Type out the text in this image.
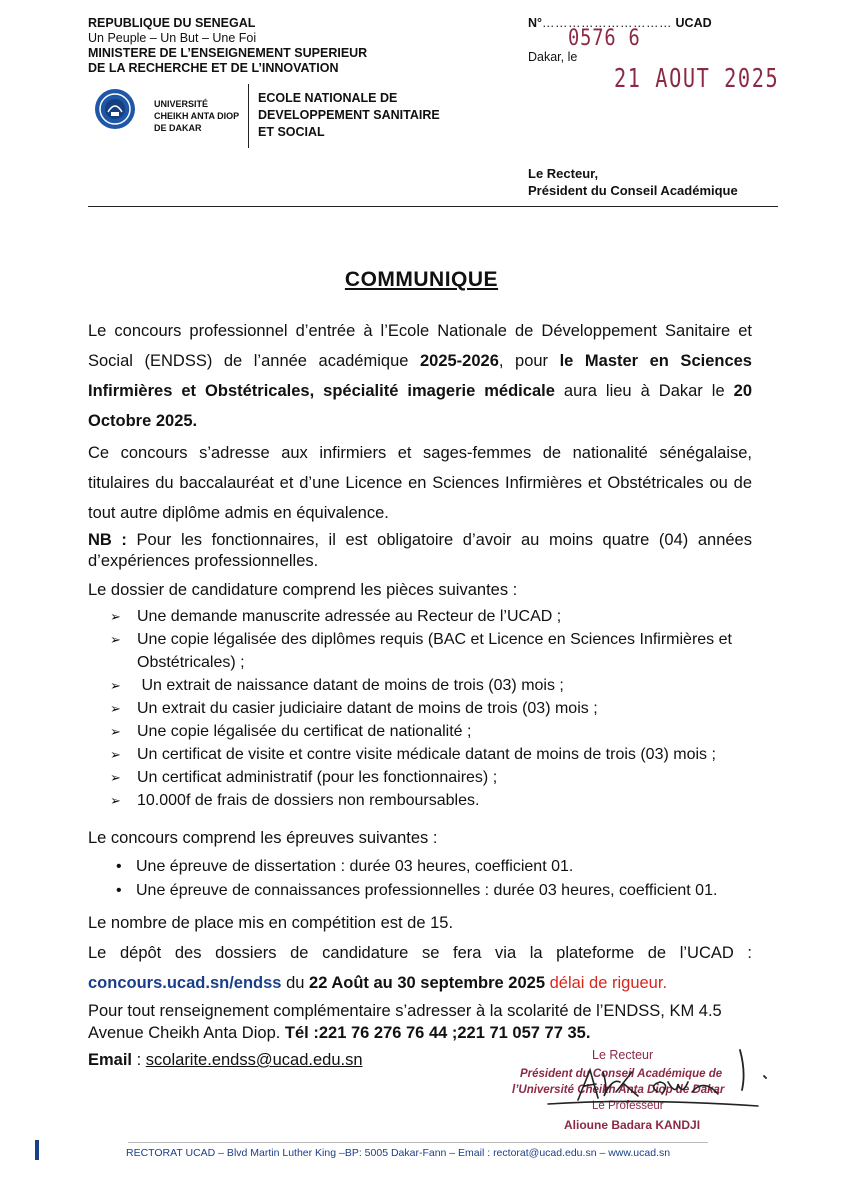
REPUBLIQUE DU SENEGAL
Un Peuple – Un But – Une Foi
MINISTERE DE L’ENSEIGNEMENT SUPERIEUR
DE LA RECHERCHE ET DE L’INNOVATION
UNIVERSITÉ
CHEIKH ANTA DIOP
DE DAKAR
ECOLE NATIONALE DE
DEVELOPPEMENT SANITAIRE
ET SOCIAL
N°………………………… UCAD
0576 6
Dakar, le
21 AOUT 2025
Le Recteur,
Président du Conseil Académique
COMMUNIQUE
Le concours professionnel d’entrée à l’Ecole Nationale de Développement Sanitaire et Social (ENDSS) de l’année académique 2025-2026, pour le Master en Sciences Infirmières et Obstétricales, spécialité imagerie médicale aura lieu à Dakar le 20 Octobre 2025.
Ce concours s’adresse aux infirmiers et sages-femmes de nationalité sénégalaise, titulaires du baccalauréat et d’une Licence en Sciences Infirmières et Obstétricales ou de tout autre diplôme admis en équivalence.
NB : Pour les fonctionnaires, il est obligatoire d’avoir au moins quatre (04) années d’expériences professionnelles.
Le dossier de candidature comprend les pièces suivantes :
➢ Une demande manuscrite adressée au Recteur de l’UCAD ;
➢ Une copie légalisée des diplômes requis (BAC et Licence en Sciences Infirmières et Obstétricales) ;
➢ Un extrait de naissance datant de moins de trois (03) mois ;
➢ Un extrait du casier judiciaire datant de moins de trois (03) mois ;
➢ Une copie légalisée du certificat de nationalité ;
➢ Un certificat de visite et contre visite médicale datant de moins de trois (03) mois ;
➢ Un certificat administratif (pour les fonctionnaires) ;
➢ 10.000f de frais de dossiers non remboursables.
Le concours comprend les épreuves suivantes :
• Une épreuve de dissertation : durée 03 heures, coefficient 01.
• Une épreuve de connaissances professionnelles : durée 03 heures, coefficient 01.
Le nombre de place mis en compétition est de 15.
Le dépôt des dossiers de candidature se fera via la plateforme de l’UCAD :
concours.ucad.sn/endss du 22 Août au 30 septembre 2025 délai de rigueur.
Pour tout renseignement complémentaire s’adresser à la scolarité de l’ENDSS, KM 4.5 Avenue Cheikh Anta Diop. Tél :221 76 276 76 44 ;221 71 057 77 35.
Email : scolarite.endss@ucad.edu.sn	Le Recteur
Président du Conseil Académique de
l’Université Cheikh Anta Diop de Dakar
Le Professeur
Alioune Badara KANDJI
RECTORAT UCAD – Blvd Martin Luther King –BP: 5005 Dakar-Fann – Email : rectorat@ucad.edu.sn – www.ucad.sn
